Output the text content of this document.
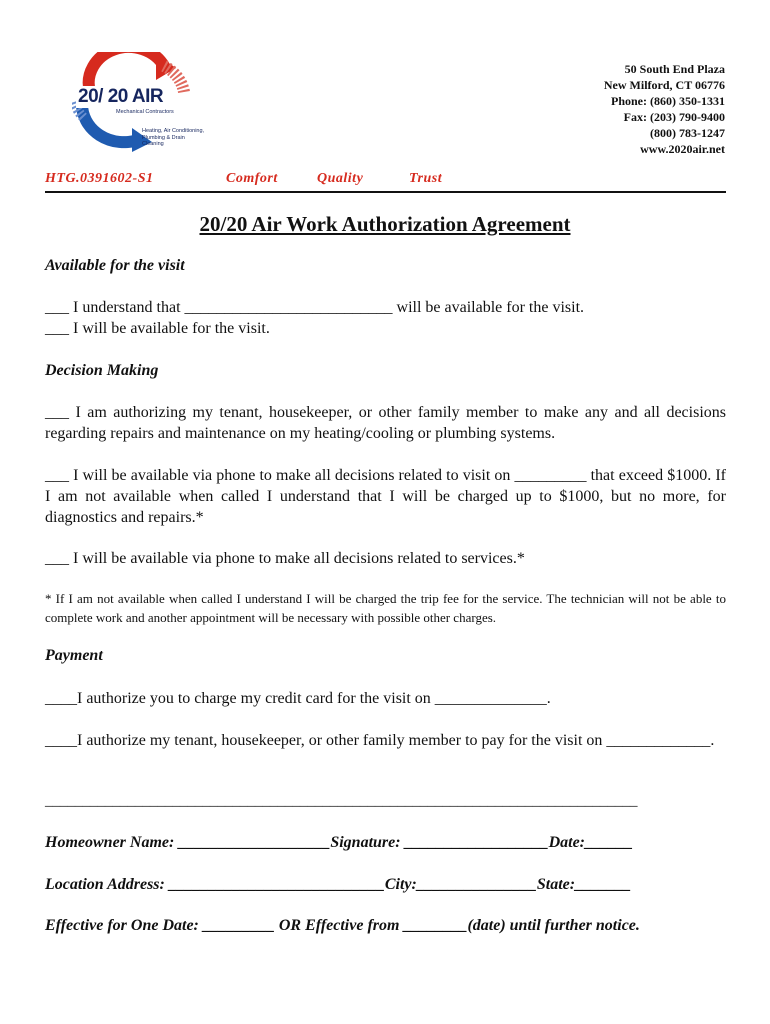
20/ 20 AIR
Mechanical Contractors
Heating, Air Conditioning,
Plumbing & Drain Cleaning
50 South End Plaza
New Milford, CT 06776
Phone: (860) 350-1331
Fax: (203) 790-9400
(800) 783-1247
www.2020air.net
HTG.0391602-S1	Comfort	Quality	Trust
20/20 Air Work Authorization Agreement
Available for the visit
___ I understand that __________________________ will be available for the visit.
___ I will be available for the visit.
Decision Making
___ I am authorizing my tenant, housekeeper, or other family member to make any and all decisions regarding repairs and maintenance on my heating/cooling or plumbing systems.
___ I will be available via phone to make all decisions related to visit on _________ that exceed $1000. If I am not available when called I understand that I will be charged up to $1000, but no more, for diagnostics and repairs.*
___ I will be available via phone to make all decisions related to services.*
* If I am not available when called I understand I will be charged the trip fee for the service. The technician will not be able to complete work and another appointment will be necessary with possible other charges.
Payment
____I authorize you to charge my credit card for the visit on ______________.
____I authorize my tenant, housekeeper, or other family member to pay for the visit on _____________.
_______________________________________________________________________________
Homeowner Name: ___________________Signature: __________________Date:______
Location Address: ___________________________City:_______________State:_______
Effective for One Date: _________ OR Effective from ________(date) until further notice.
